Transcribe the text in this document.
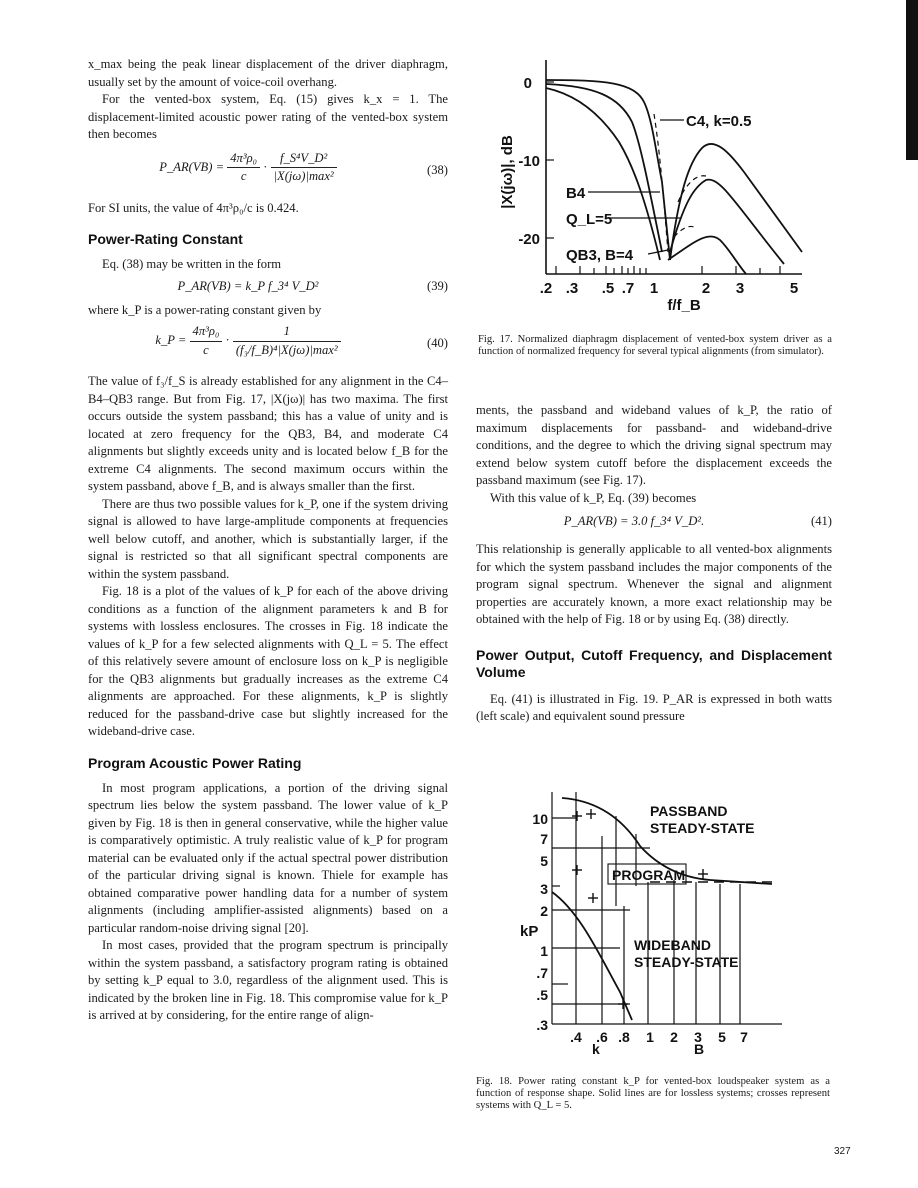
x_max being the peak linear displacement of the driver diaphragm, usually set by the amount of voice-coil overhang.

For the vented-box system, Eq. (15) gives k_x = 1. The displacement-limited acoustic power rating of the vented-box system then becomes

P_AR(VB) = $\frac{\text{4π³ρ₀}}{c} \cdot \frac{\text{f\_S⁴V\_D²}}{\text{|X(jω)|max²}}$	(38)

For SI units, the value of 4π³ρ₀/c is 0.424.

Power-Rating Constant

Eq. (38) may be written in the form

P_AR(VB) = k_P f_3⁴ V_D²	(39)

where k_P is a power-rating constant given by

k_P = $\frac{\text{4π³ρ₀}}{c} \cdot \frac{1}{\text{(f₃/f\_B)⁴|X(jω)|max²}}$	(40)

The value of f₃/f_S is already established for any alignment in the C4–B4–QB3 range. But from Fig. 17, |X(jω)| has two maxima. The first occurs outside the system passband; this has a value of unity and is located at zero frequency for the QB3, B4, and moderate C4 alignments but slightly exceeds unity and is located below f_B for the extreme C4 alignments. The second maximum occurs within the system passband, above f_B, and is always smaller than the first.

There are thus two possible values for k_P, one if the system driving signal is allowed to have large-amplitude components at frequencies well below cutoff, and another, which is substantially larger, if the signal is restricted so that all significant spectral components are within the system passband.

Fig. 18 is a plot of the values of k_P for each of the above driving conditions as a function of the alignment parameters k and B for systems with lossless enclosures. The crosses in Fig. 18 indicate the values of k_P for a few selected alignments with Q_L = 5. The effect of this relatively severe amount of enclosure loss on k_P is negligible for the QB3 alignments but gradually increases as the extreme C4 alignments are approached. For these alignments, k_P is slightly reduced for the passband-drive case but slightly increased for the wideband-drive case.

Program Acoustic Power Rating

In most program applications, a portion of the driving signal spectrum lies below the system passband. The lower value of k_P given by Fig. 18 is then in general conservative, while the higher value is comparatively optimistic. A truly realistic value of k_P for program material can be evaluated only if the actual spectral power distribution of the particular driving signal is known. Thiele for example has obtained comparative power handling data for a number of system alignments (including amplifier-assisted alignments) based on a particular random-noise driving signal [20].

In most cases, provided that the program spectrum is principally within the system passband, a satisfactory program rating is obtained by setting k_P equal to 3.0, regardless of the alignment used. This is indicated by the broken line in Fig. 18. This compromise value for k_P is arrived at by considering, for the entire range of align-

0
-10
-20
|X(jω)|, dB
.2 .3 .5 .7 1	2 3	5
f/f_B
C4, k=0.5
B4
Q_L=5
QB3, B=4
Fig. 17. Normalized diaphragm displacement of vented-box system driver as a function of normalized frequency for several typical alignments (from simulator).

ments, the passband and wideband values of k_P, the ratio of maximum displacements for passband- and wideband-drive conditions, and the degree to which the driving signal spectrum may extend below system cutoff before the displacement exceeds the passband maximum (see Fig. 17).

With this value of k_P, Eq. (39) becomes

P_AR(VB) = 3.0 f_3⁴ V_D².	(41)

This relationship is generally applicable to all vented-box alignments for which the system passband includes the major components of the program signal spectrum. Whenever the signal and alignment properties are accurately known, a more exact relationship may be obtained with the help of Fig. 18 or by using Eq. (38) directly.

Power Output, Cutoff Frequency, and Displacement Volume

Eq. (41) is illustrated in Fig. 19. P_AR is expressed in both watts (left scale) and equivalent sound pressure

10
7
5
3
2
1
.7
.5
.3
kP
.4 .6 .8 1 2 3 5 7
k	B
PASSBAND
STEADY-STATE
PROGRAM
WIDEBAND
STEADY-STATE
Fig. 18. Power rating constant k_P for vented-box loudspeaker system as a function of response shape. Solid lines are for lossless systems; crosses represent systems with Q_L = 5.
327
